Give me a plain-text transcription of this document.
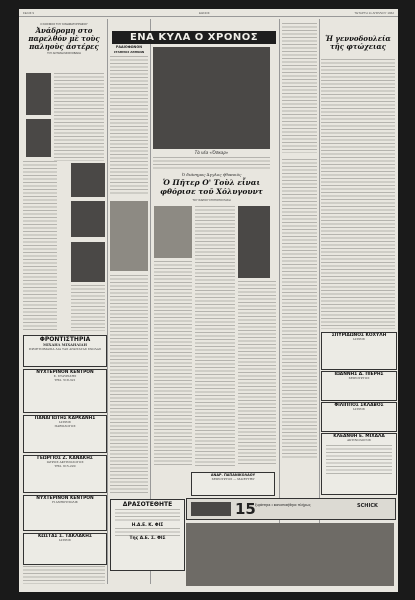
ΣΕΛΙΣ 9	ΕΘΝΟΣ	ΤΕΤΑΡΤΗ 11 ΑΠΡΙΛΙΟΥ 1962
Ο ΚΟΣΜΟΣ ΤΟΥ ΚΙΝΗΜΑΤΟΓΡΑΦΟΥ
Ἀνάδρομη στο παρελθόν μὲ τοὺς παληοὺς ἀστέρες
ΤΟΥ ΑΝΤΩΝΗ ΜΟΣΧΟΒΑΚΗ
ΦΡΟΝΤΙΣΤΗΡΙΑ
ΜΙΧΑΗΛ ΜΙΧΑΗΛΙΔΗ
ΠΡΟΕΤΟΙΜΑΣΙΑ ΔΙΑ ΤΑΣ ΑΝΩΤΑΤΑΣ ΣΧΟΛΑΣ
ΝΥΧΤΕΡΙΝΟΝ ΚΕΝΤΡΟΝ
Σ. ΣΤΑΥΡΙΔΗΣ
ΤΗΛ. 518-321
ΠΑΝΑΓΙΩΤΗΣ ΚΑΡΚΑΝΗΣ
ΙΑΤΡΟΣ
ΠΑΘΟΛΟΓΟΣ
ΓΕΩΡΓΙΟΣ Ζ. ΚΑΝΑΚΗΣ
ΙΑΤΡΟΣ ΑΚΤΙΝΟΛΟΓΟΣ
ΤΗΛ. 615-220
ΝΥΧΤΕΡΙΝΟΝ ΚΕΝΤΡΟΝ
Η ΑΝΘΟΥΠΟΛΙΣ
ΚΩΣΤΑΣ Σ. ΤΑΚΛΑΚΗΣ
ΙΑΤΡΟΣ
ΡΑΔΙΟΦΩΝΟΝ
ΣΤΑΘΜΟΣ ΑΘΗΝΩΝ
ΕΝΑ ΚΥΛΑ Ο ΧΡΟΝΟΣ
Τὰ νέα «Ὄσκαρ»
Ὁ διάσημος Ἀγγλος ἠθοποιὸς
Ὁ Πῆτερ Ο' Τοὺλ εἶναι φθόρισε τοῦ Χόλυγουντ
ΤΟΥ ΙΚΑΡΙΟΥ ΣΠΥΡΟΠΟΥΛΑΚΗ
ΔΡΑΣΟΤΕΘΗΤΕ
Η.Δ.Ε. Κ. ΦΙΣ
Της Α.Ε. Σ. ΦΙΣ
ΑΝΔΡ. ΠΑΠΑΝΙΚΟΛΑΟΥ
ΧΕΙΡΟΥΡΓΟΣ — ΜΑΙΕΥΤΗΡ
15 ξυρίστηκε • ικανοποιήθηκε πλήρως	SCHICK
Ἡ γεννοδουλεία τῆς φτώχειας
ΣΠΥΡΙΔΩΝΟΣ ΚΟΧΥΛΗ
ΙΑΤΡΟΣ
ΙΩΑΝΝΗΣ Δ. ΠΙΕΡΗΣ
ΧΕΙΡΟΥΡΓΟΣ
ΦΙΛΙΠΠΟΣ ΣΚΛΑΒΟΣ
ΙΑΤΡΟΣ
ΚΛΕΑΝΘΗ Ε. ΜΙΧΑΛΑ
ΑΚΤΙΝΟΛΟΓΟΣ
